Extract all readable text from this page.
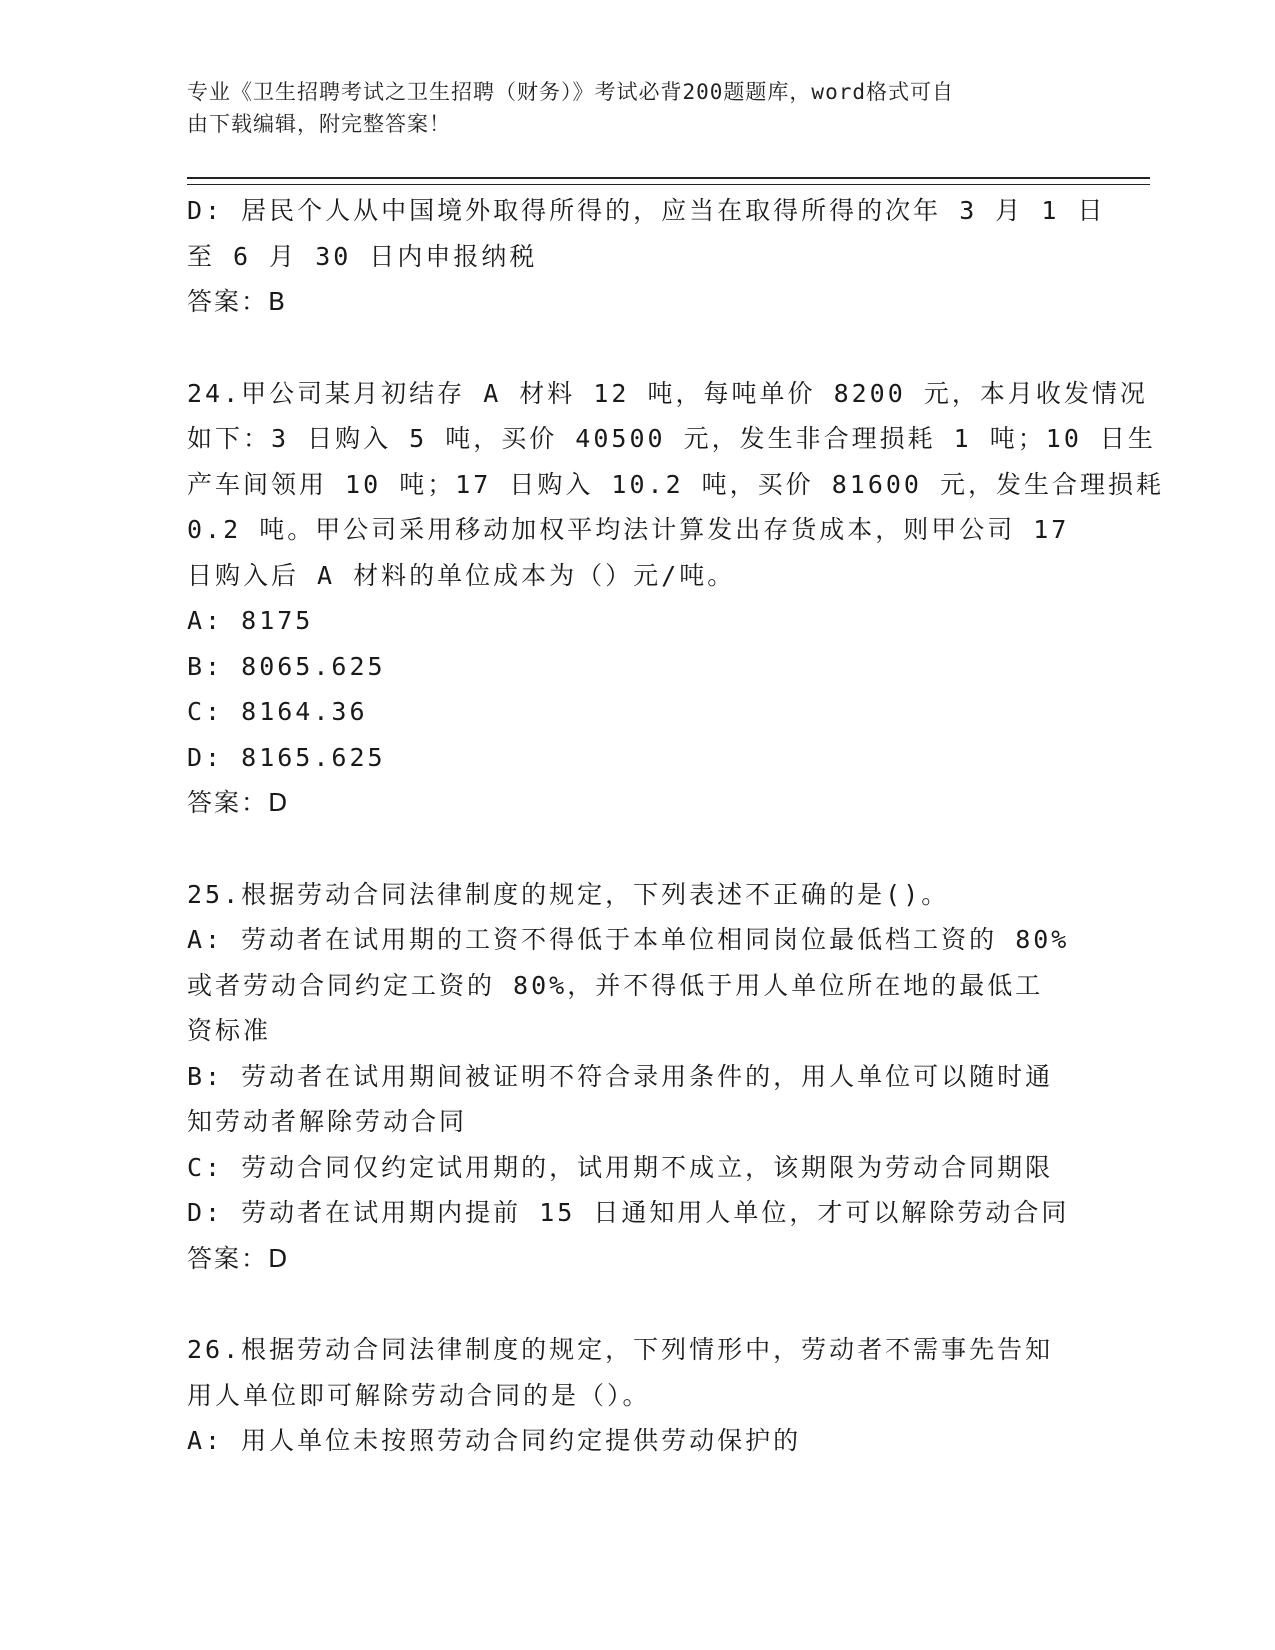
专业《卫生招聘考试之卫生招聘（财务）》考试必背200题题库，word格式可自
由下载编辑，附完整答案！
D: 居民个人从中国境外取得所得的，应当在取得所得的次年 3 月 1 日
至 6 月 30 日内申报纳税
答案：B
24.甲公司某月初结存 A 材料 12 吨，每吨单价 8200 元，本月收发情况
如下：3 日购入 5 吨，买价 40500 元，发生非合理损耗 1 吨；10 日生
产车间领用 10 吨；17 日购入 10.2 吨，买价 81600 元，发生合理损耗
0.2 吨。甲公司采用移动加权平均法计算发出存货成本，则甲公司 17
日购入后 A 材料的单位成本为（）元/吨。
A: 8175
B: 8065.625
C: 8164.36
D: 8165.625
答案：D
25.根据劳动合同法律制度的规定，下列表述不正确的是()。
A: 劳动者在试用期的工资不得低于本单位相同岗位最低档工资的 80%
或者劳动合同约定工资的 80%，并不得低于用人单位所在地的最低工
资标准
B: 劳动者在试用期间被证明不符合录用条件的，用人单位可以随时通
知劳动者解除劳动合同
C: 劳动合同仅约定试用期的，试用期不成立，该期限为劳动合同期限
D: 劳动者在试用期内提前 15 日通知用人单位，才可以解除劳动合同
答案：D
26.根据劳动合同法律制度的规定，下列情形中，劳动者不需事先告知
用人单位即可解除劳动合同的是（）。
A: 用人单位未按照劳动合同约定提供劳动保护的
